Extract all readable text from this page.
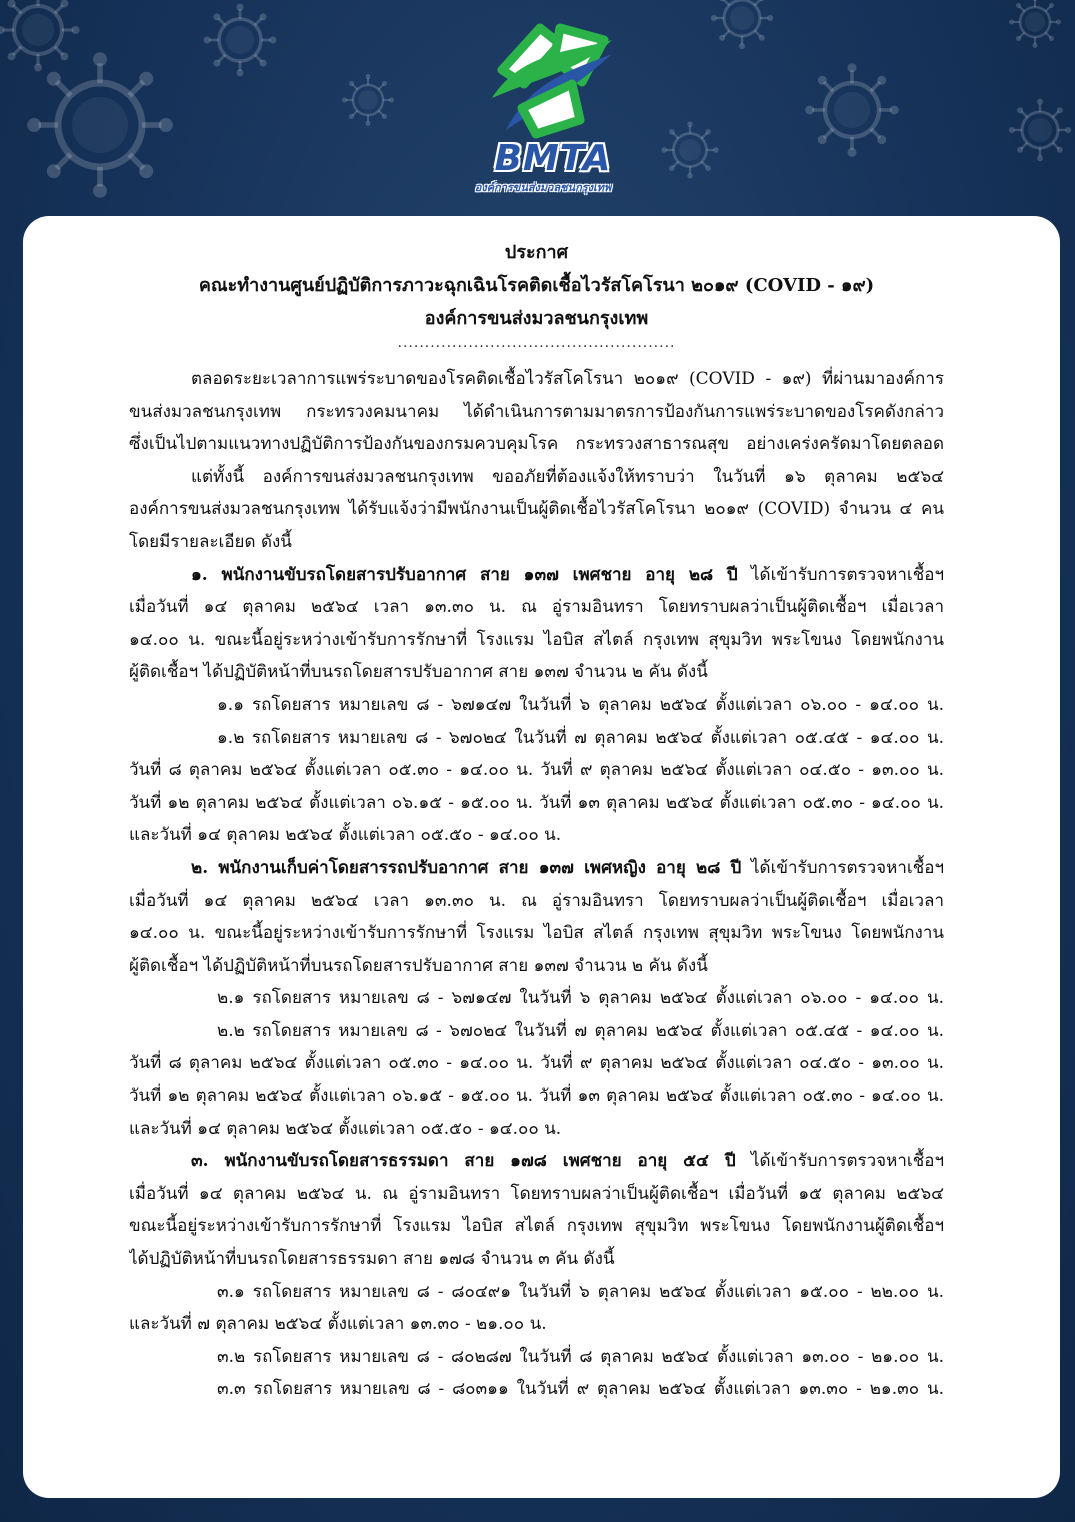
BMTA
องค์การขนส่งมวลชนกรุงเทพ
ประกาศ
คณะทำงานศูนย์ปฏิบัติการภาวะฉุกเฉินโรคติดเชื้อไวรัสโคโรนา ๒๐๑๙ (COVID - ๑๙)
องค์การขนส่งมวลชนกรุงเทพ
...................................................
ตลอดระยะเวลาการแพร่ระบาดของโรคติดเชื้อไวรัสโคโรนา ๒๐๑๙ (COVID - ๑๙) ที่ผ่านมาองค์การ
ขนส่งมวลชนกรุงเทพ กระทรวงคมนาคม ได้ดำเนินการตามมาตรการป้องกันการแพร่ระบาดของโรคดังกล่าว
ซึ่งเป็นไปตามแนวทางปฏิบัติการป้องกันของกรมควบคุมโรค กระทรวงสาธารณสุข อย่างเคร่งครัดมาโดยตลอด
แต่ทั้งนี้ องค์การขนส่งมวลชนกรุงเทพ ขออภัยที่ต้องแจ้งให้ทราบว่า ในวันที่ ๑๖ ตุลาคม ๒๕๖๔
องค์การขนส่งมวลชนกรุงเทพ ได้รับแจ้งว่ามีพนักงานเป็นผู้ติดเชื้อไวรัสโคโรนา ๒๐๑๙ (COVID) จำนวน ๔ คน
โดยมีรายละเอียด ดังนี้
๑. พนักงานขับรถโดยสารปรับอากาศ สาย ๑๓๗ เพศชาย อายุ ๒๘ ปี ได้เข้ารับการตรวจหาเชื้อฯ
เมื่อวันที่ ๑๔ ตุลาคม ๒๕๖๔ เวลา ๑๓.๓๐ น. ณ อู่รามอินทรา โดยทราบผลว่าเป็นผู้ติดเชื้อฯ เมื่อเวลา
๑๔.๐๐ น. ขณะนี้อยู่ระหว่างเข้ารับการรักษาที่ โรงแรม ไอบิส สไตล์ กรุงเทพ สุขุมวิท พระโขนง โดยพนักงาน
ผู้ติดเชื้อฯ ได้ปฏิบัติหน้าที่บนรถโดยสารปรับอากาศ สาย ๑๓๗ จำนวน ๒ คัน ดังนี้
๑.๑ รถโดยสาร หมายเลข ๘ - ๖๗๑๔๗ ในวันที่ ๖ ตุลาคม ๒๕๖๔ ตั้งแต่เวลา ๐๖.๐๐ - ๑๔.๐๐ น.
๑.๒ รถโดยสาร หมายเลข ๘ - ๖๗๐๒๔ ในวันที่ ๗ ตุลาคม ๒๕๖๔ ตั้งแต่เวลา ๐๕.๔๕ - ๑๔.๐๐ น.
วันที่ ๘ ตุลาคม ๒๕๖๔ ตั้งแต่เวลา ๐๕.๓๐ - ๑๔.๐๐ น. วันที่ ๙ ตุลาคม ๒๕๖๔ ตั้งแต่เวลา ๐๔.๕๐ - ๑๓.๐๐ น.
วันที่ ๑๒ ตุลาคม ๒๕๖๔ ตั้งแต่เวลา ๐๖.๑๕ - ๑๕.๐๐ น. วันที่ ๑๓ ตุลาคม ๒๕๖๔ ตั้งแต่เวลา ๐๕.๓๐ - ๑๔.๐๐ น.
และวันที่ ๑๔ ตุลาคม ๒๕๖๔ ตั้งแต่เวลา ๐๕.๕๐ - ๑๔.๐๐ น.
๒. พนักงานเก็บค่าโดยสารรถปรับอากาศ สาย ๑๓๗ เพศหญิง อายุ ๒๘ ปี ได้เข้ารับการตรวจหาเชื้อฯ
เมื่อวันที่ ๑๔ ตุลาคม ๒๕๖๔ เวลา ๑๓.๓๐ น. ณ อู่รามอินทรา โดยทราบผลว่าเป็นผู้ติดเชื้อฯ เมื่อเวลา
๑๔.๐๐ น. ขณะนี้อยู่ระหว่างเข้ารับการรักษาที่ โรงแรม ไอบิส สไตล์ กรุงเทพ สุขุมวิท พระโขนง โดยพนักงาน
ผู้ติดเชื้อฯ ได้ปฏิบัติหน้าที่บนรถโดยสารปรับอากาศ สาย ๑๓๗ จำนวน ๒ คัน ดังนี้
๒.๑ รถโดยสาร หมายเลข ๘ - ๖๗๑๔๗ ในวันที่ ๖ ตุลาคม ๒๕๖๔ ตั้งแต่เวลา ๐๖.๐๐ - ๑๔.๐๐ น.
๒.๒ รถโดยสาร หมายเลข ๘ - ๖๗๐๒๔ ในวันที่ ๗ ตุลาคม ๒๕๖๔ ตั้งแต่เวลา ๐๕.๔๕ - ๑๔.๐๐ น.
วันที่ ๘ ตุลาคม ๒๕๖๔ ตั้งแต่เวลา ๐๕.๓๐ - ๑๔.๐๐ น. วันที่ ๙ ตุลาคม ๒๕๖๔ ตั้งแต่เวลา ๐๔.๕๐ - ๑๓.๐๐ น.
วันที่ ๑๒ ตุลาคม ๒๕๖๔ ตั้งแต่เวลา ๐๖.๑๕ - ๑๕.๐๐ น. วันที่ ๑๓ ตุลาคม ๒๕๖๔ ตั้งแต่เวลา ๐๕.๓๐ - ๑๔.๐๐ น.
และวันที่ ๑๔ ตุลาคม ๒๕๖๔ ตั้งแต่เวลา ๐๕.๕๐ - ๑๔.๐๐ น.
๓. พนักงานขับรถโดยสารธรรมดา สาย ๑๗๘ เพศชาย อายุ ๕๔ ปี ได้เข้ารับการตรวจหาเชื้อฯ
เมื่อวันที่ ๑๔ ตุลาคม ๒๕๖๔ น. ณ อู่รามอินทรา โดยทราบผลว่าเป็นผู้ติดเชื้อฯ เมื่อวันที่ ๑๕ ตุลาคม ๒๕๖๔
ขณะนี้อยู่ระหว่างเข้ารับการรักษาที่ โรงแรม ไอบิส สไตล์ กรุงเทพ สุขุมวิท พระโขนง โดยพนักงานผู้ติดเชื้อฯ
ได้ปฏิบัติหน้าที่บนรถโดยสารธรรมดา สาย ๑๗๘ จำนวน ๓ คัน ดังนี้
๓.๑ รถโดยสาร หมายเลข ๘ - ๘๐๔๙๑ ในวันที่ ๖ ตุลาคม ๒๕๖๔ ตั้งแต่เวลา ๑๕.๐๐ - ๒๒.๐๐ น.
และวันที่ ๗ ตุลาคม ๒๕๖๔ ตั้งแต่เวลา ๑๓.๓๐ - ๒๑.๐๐ น.
๓.๒ รถโดยสาร หมายเลข ๘ - ๘๐๒๘๗ ในวันที่ ๘ ตุลาคม ๒๕๖๔ ตั้งแต่เวลา ๑๓.๐๐ - ๒๑.๐๐ น.
๓.๓ รถโดยสาร หมายเลข ๘ - ๘๐๓๑๑ ในวันที่ ๙ ตุลาคม ๒๕๖๔ ตั้งแต่เวลา ๑๓.๓๐ - ๒๑.๓๐ น.
